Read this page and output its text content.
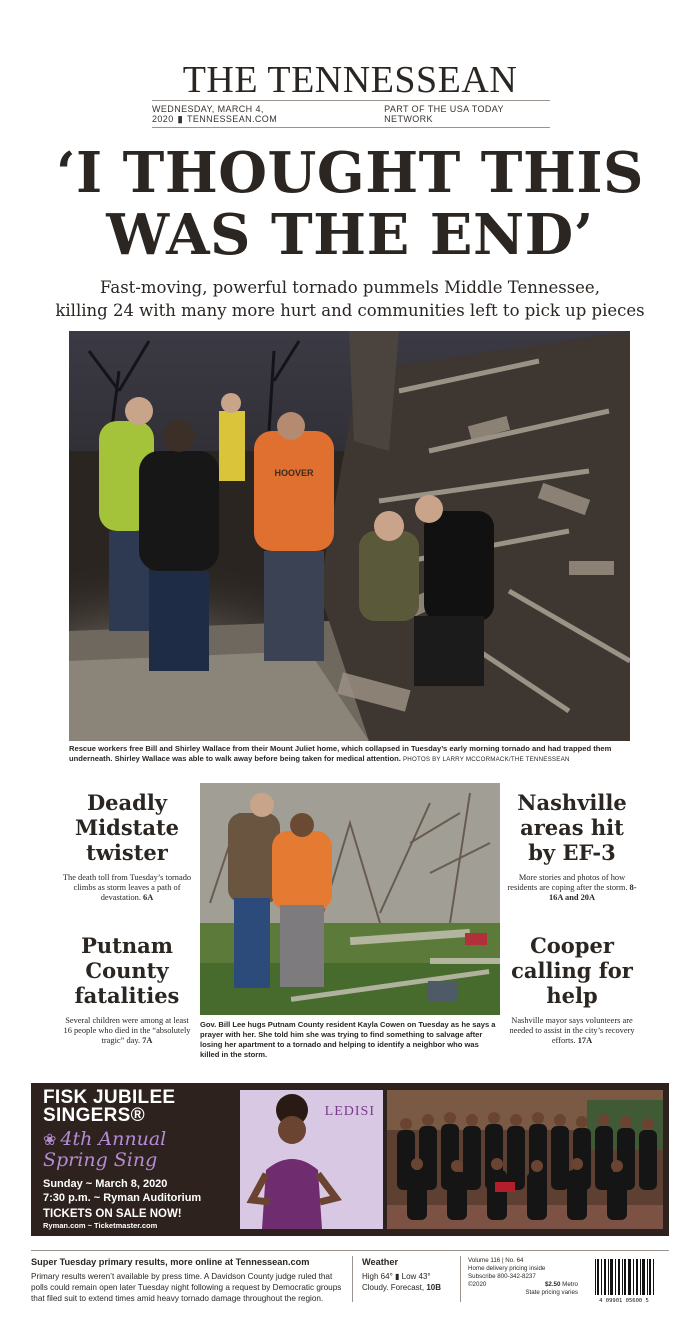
THE TENNESSEAN
WEDNESDAY, MARCH 4, 2020 ▮ TENNESSEAN.COM
PART OF THE USA TODAY NETWORK
‘I THOUGHT THIS
WAS THE END’
Fast-moving, powerful tornado pummels Middle Tennessee,
killing 24 with many more hurt and communities left to pick up pieces
HOOVER
Rescue workers free Bill and Shirley Wallace from their Mount Juliet home, which collapsed in Tuesday’s early morning tornado and had trapped them underneath. Shirley Wallace was able to walk away before being taken for medical attention. PHOTOS BY LARRY MCCORMACK/THE TENNESSEAN
Deadly Midstate twister

The death toll from Tuesday’s tornado climbs as storm leaves a path of devastation. 6A

Nashville areas hit by EF-3

More stories and photos of how residents are coping after the storm. 8-16A and 20A

Putnam County fatalities

Several children were among at least 16 people who died in the “absolutely tragic” day. 7A

Cooper calling for help

Nashville mayor says volunteers are needed to assist in the city’s recovery efforts. 17A

Gov. Bill Lee hugs Putnam County resident Kayla Cowen on Tuesday as he says a prayer with her. She told him she was trying to find something to salvage after losing her apartment to a tornado and helping to identify a neighbor who was killed in the storm.
FISK JUBILEE
SINGERS®
❀ 4th Annual
Spring Sing
Sunday ~ March 8, 2020
7:30 p.m. ~ Ryman Auditorium
TICKETS ON SALE NOW!
Ryman.com ~ Ticketmaster.com
LEDISI
Super Tuesday primary results, more online at Tennessean.com

Primary results weren’t available by press time. A Davidson County judge ruled that polls could remain open later Tuesday night following a request by Democratic groups that filed suit to extend times amid heavy tornado damage throughout the region.

Weather

High 64° ▮ Low 43°
Cloudy. Forecast, 10B

Volume 116 | No. 64
Home delivery pricing inside
Subscribe 800-342-8237
©2020	$2.50 Metro
State pricing varies
4 09901 05600 5
